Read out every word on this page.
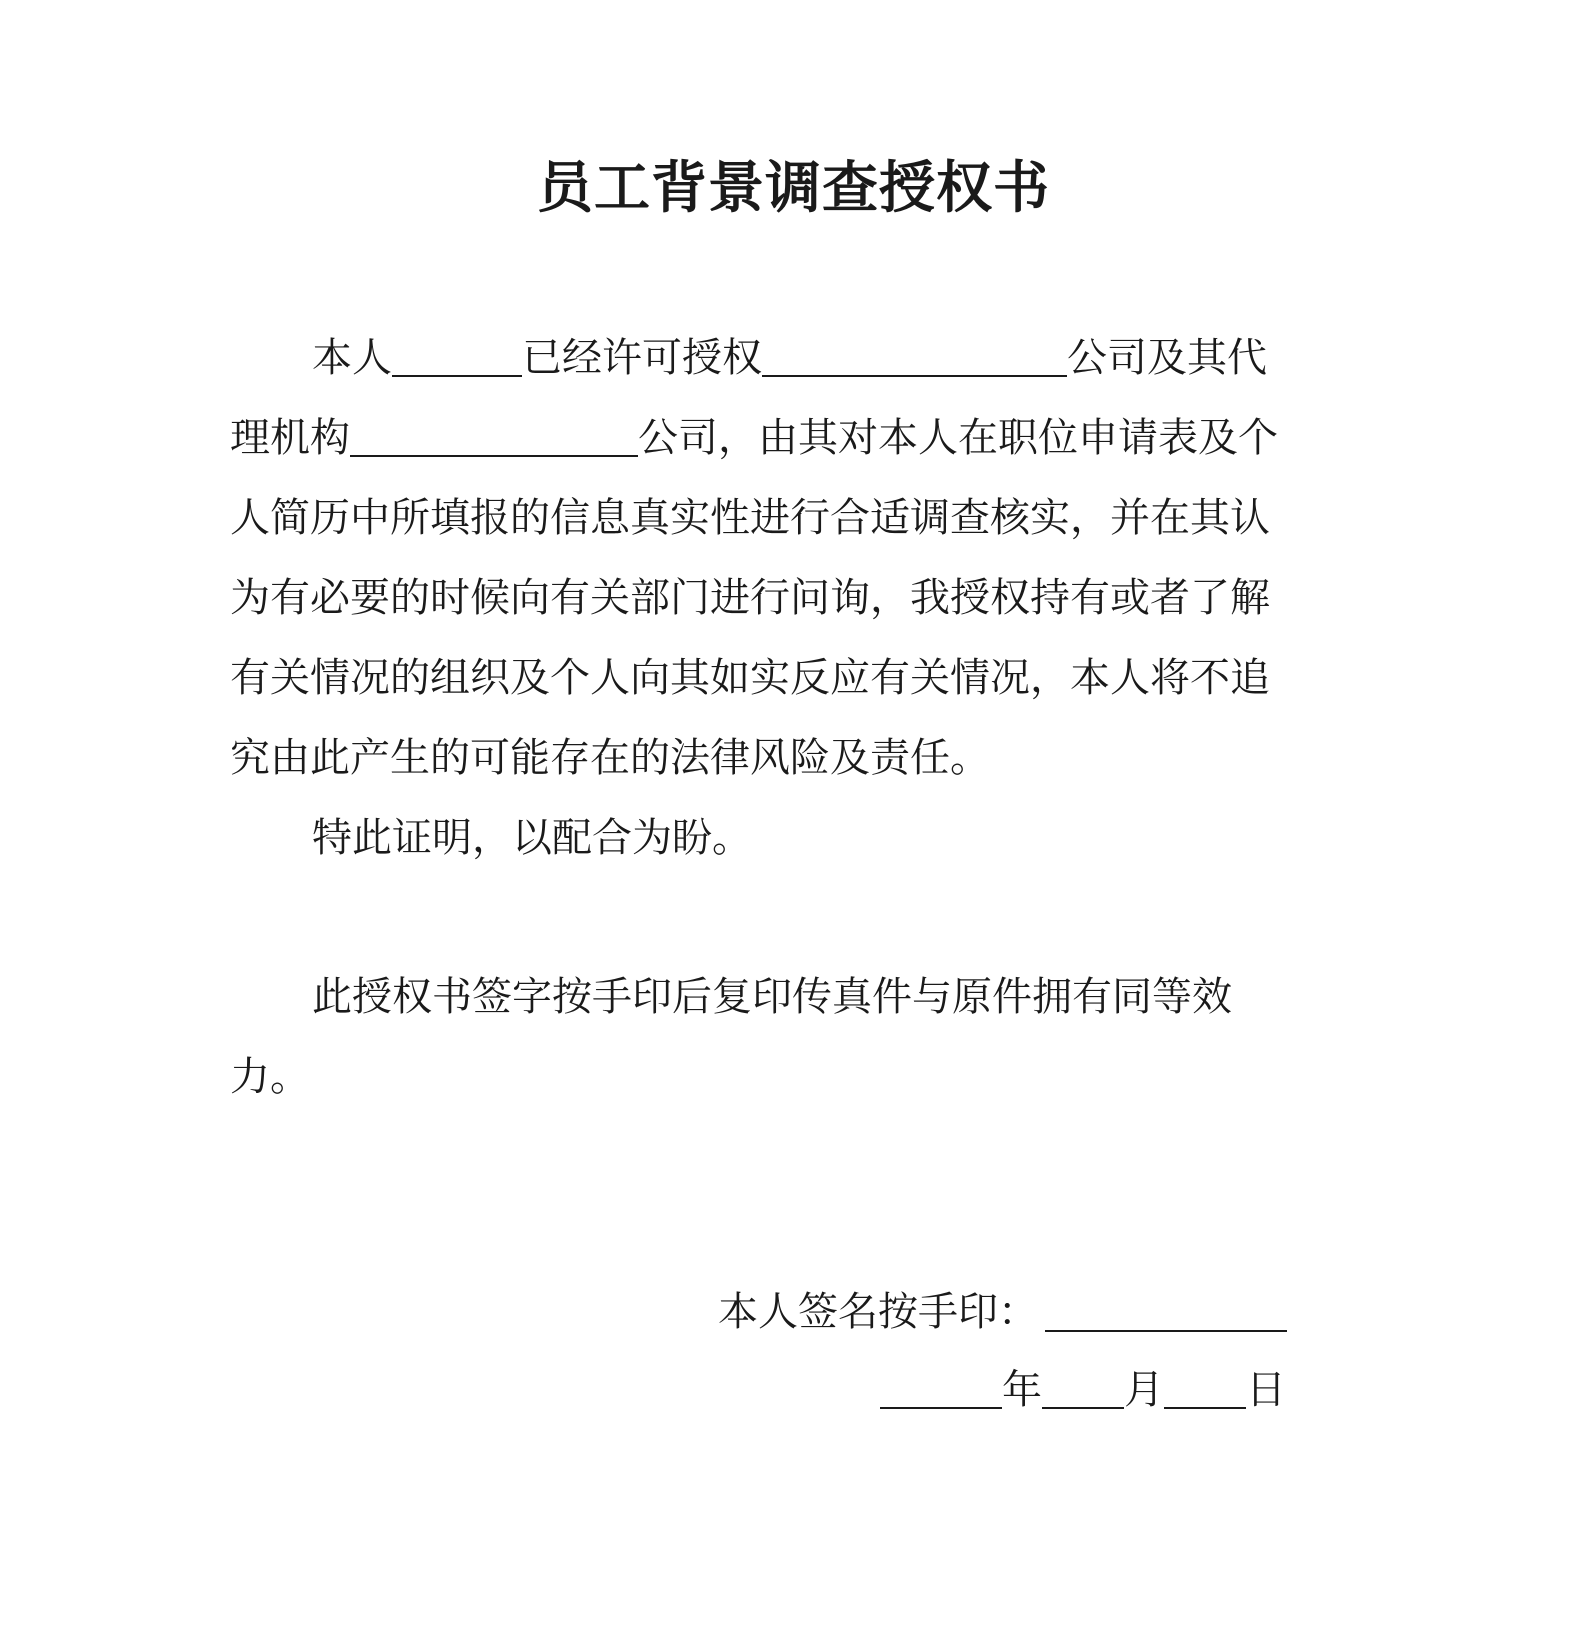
员工背景调查授权书
本人	已经许可授权	公司及其代
理机构	公司，由其对本人在职位申请表及个
人简历中所填报的信息真实性进行合适调查核实，并在其认
为有必要的时候向有关部门进行问询，我授权持有或者了解
有关情况的组织及个人向其如实反应有关情况，本人将不追
究由此产生的可能存在的法律风险及责任。
特此证明，以配合为盼。
此授权书签字按手印后复印传真件与原件拥有同等效
力。
本人签名按手印：
年 月 日
